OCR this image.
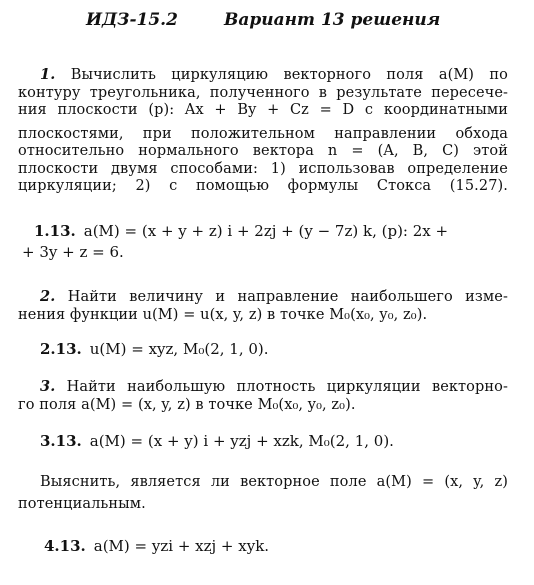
ИДЗ-15.2	Вариант 13 решения
1. Вычислить циркуляцию векторного поля a(M) по
контуру треугольника, полученного в результате пересече-
ния плоскости (p): Ax + By + Cz = D с координатными
плоскостями, при положительном направлении обхода
относительно нормального вектора n = (A, B, C) этой
плоскости двумя способами: 1) использовав определение
циркуляции; 2) с помощью формулы Стокса (15.27).
1.13. a(M) = (x + y + z) i + 2zj + (y − 7z) k, (p): 2x +
+ 3y + z = 6.
2. Найти величину и направление наибольшего изме-
нения функции u(M) = u(x, y, z) в точке M₀(x₀, y₀, z₀).
2.13. u(M) = xyz, M₀(2, 1, 0).
3. Найти наибольшую плотность циркуляции векторно-
го поля a(M) = (x, y, z) в точке M₀(x₀, y₀, z₀).
3.13. a(M) = (x + y) i + yzj + xzk, M₀(2, 1, 0).
Выяснить, является ли векторное поле a(M) = (x, y, z)
потенциальным.
4.13. a(M) = yzi + xzj + xyk.
